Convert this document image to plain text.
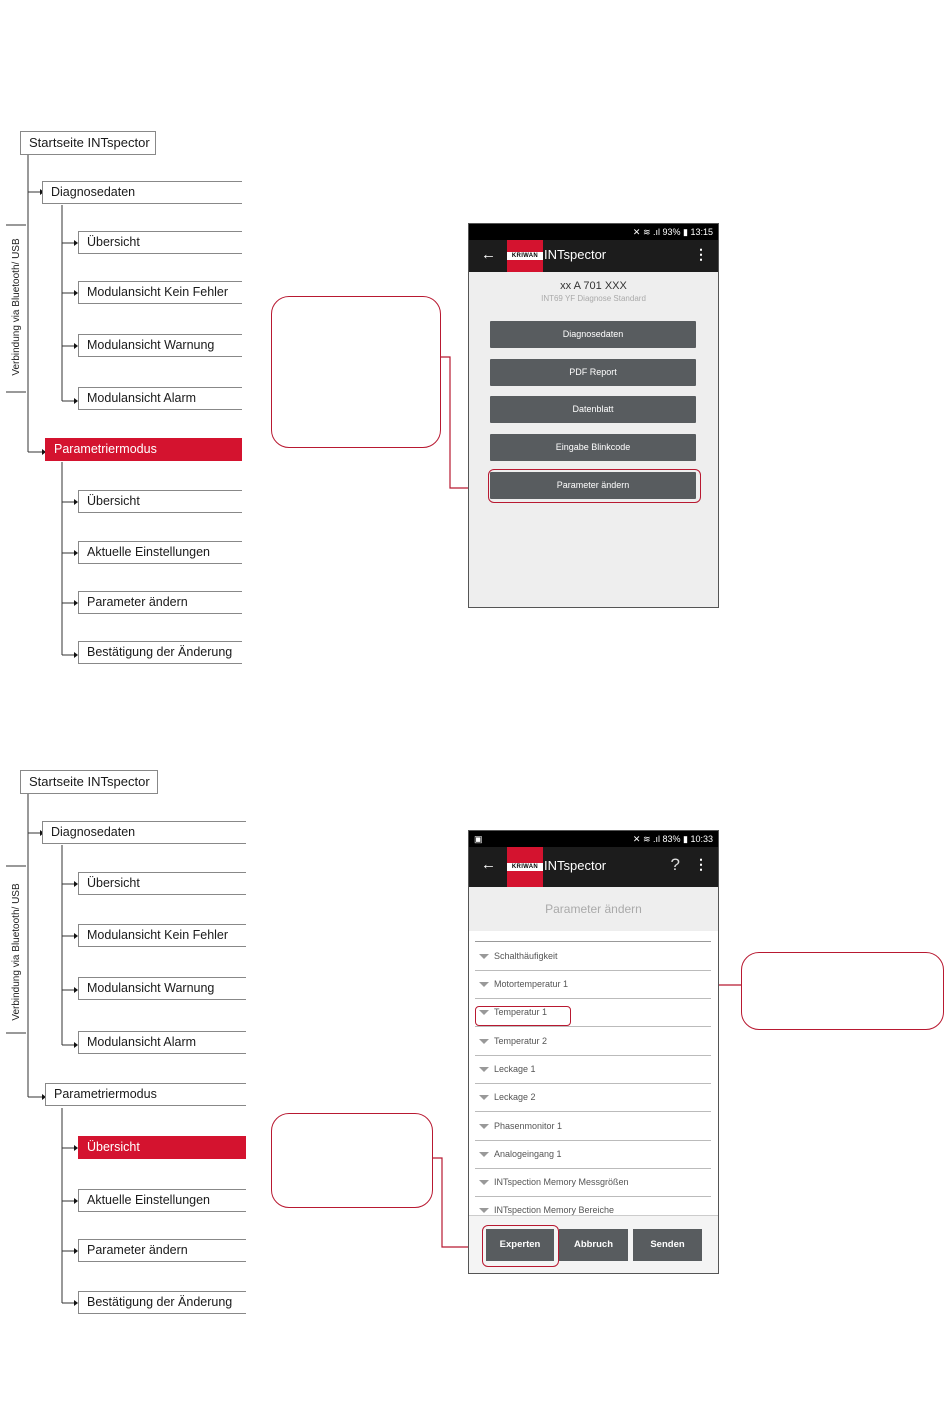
Startseite INTspector
Verbindung via Bluetooth/ USB
Diagnosedaten
Übersicht
Modulansicht Kein Fehler
Modulansicht Warnung
Modulansicht Alarm
Parametriermodus
Übersicht
Aktuelle Einstellungen
Parameter ändern
Bestätigung der Änderung
✕ ≋ .ıl 93% ▮ 13:15
←	KRIWAN INTspector	⋮
xx A 701 XXX
INT69 YF Diagnose Standard
Diagnosedaten
PDF Report
Datenblatt
Eingabe Blinkcode
Parameter ändern
Startseite INTspector
Verbindung via Bluetooth/ USB
Diagnosedaten
Übersicht
Modulansicht Kein Fehler
Modulansicht Warnung
Modulansicht Alarm
Parametriermodus
Übersicht
Aktuelle Einstellungen
Parameter ändern
Bestätigung der Änderung
▣	✕ ≋ .ıl 83% ▮ 10:33
←	KRIWAN INTspector	? ⋮
Parameter ändern
Schalthäufigkeit
Motortemperatur 1
Temperatur 1
Temperatur 2
Leckage 1
Leckage 2
Phasenmonitor 1
Analogeingang 1
INTspection Memory Messgrößen
INTspection Memory Bereiche
Experten	Abbruch	Senden
